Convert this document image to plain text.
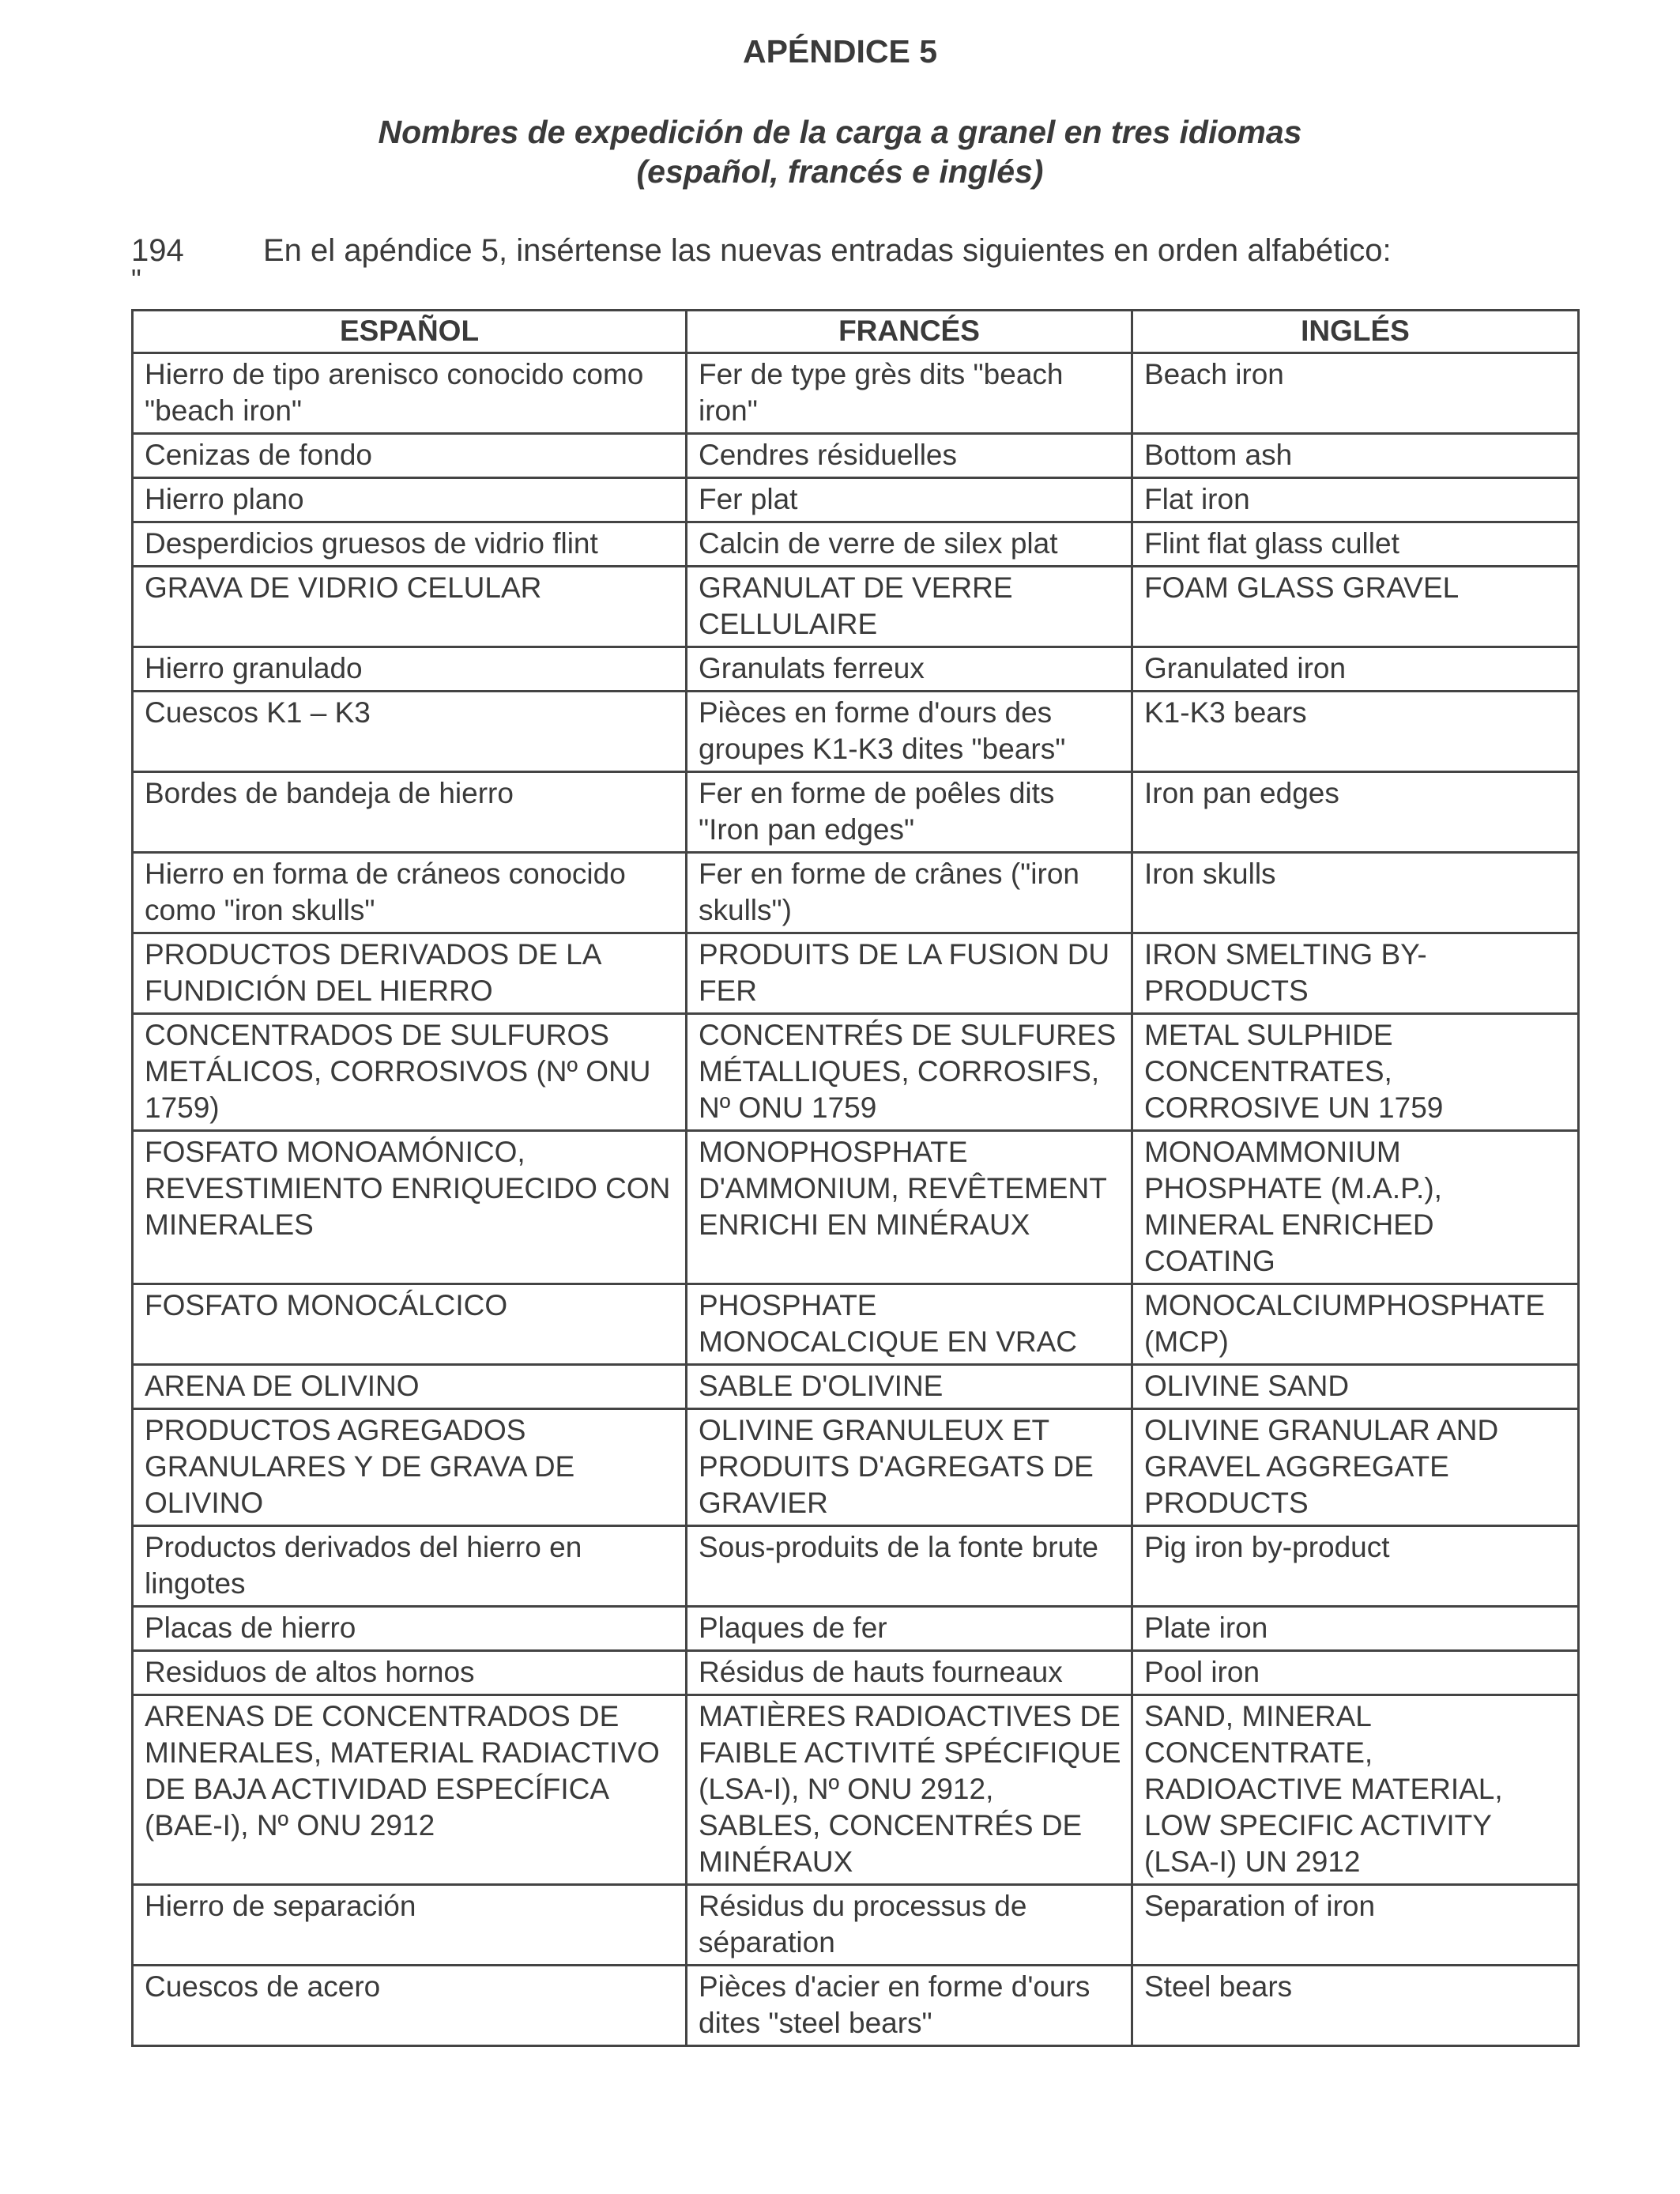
APÉNDICE 5
Nombres de expedición de la carga a granel en tres idiomas
(español, francés e inglés)
194	En el apéndice 5, insértense las nuevas entradas siguientes en orden alfabético:
"
ESPAÑOL	FRANCÉS	INGLÉS
Hierro de tipo arenisco conocido como "beach iron"	Fer de type grès dits "beach iron"	Beach iron
Cenizas de fondo	Cendres résiduelles	Bottom ash
Hierro plano	Fer plat	Flat iron
Desperdicios gruesos de vidrio flint	Calcin de verre de silex plat	Flint flat glass cullet
GRAVA DE VIDRIO CELULAR	GRANULAT DE VERRE CELLULAIRE	FOAM GLASS GRAVEL
Hierro granulado	Granulats ferreux	Granulated iron
Cuescos K1 – K3	Pièces en forme d'ours des groupes K1-K3 dites "bears"	K1-K3 bears
Bordes de bandeja de hierro	Fer en forme de poêles dits "Iron pan edges"	Iron pan edges
Hierro en forma de cráneos conocido como "iron skulls"	Fer en forme de crânes ("iron skulls")	Iron skulls
PRODUCTOS DERIVADOS DE LA FUNDICIÓN DEL HIERRO	PRODUITS DE LA FUSION DU FER	IRON SMELTING BY-PRODUCTS
CONCENTRADOS DE SULFUROS METÁLICOS, CORROSIVOS (Nº ONU 1759)	CONCENTRÉS DE SULFURES MÉTALLIQUES, CORROSIFS, Nº ONU 1759	METAL SULPHIDE CONCENTRATES, CORROSIVE UN 1759
FOSFATO MONOAMÓNICO, REVESTIMIENTO ENRIQUECIDO CON MINERALES	MONOPHOSPHATE D'AMMONIUM, REVÊTEMENT ENRICHI EN MINÉRAUX	MONOAMMONIUM PHOSPHATE (M.A.P.), MINERAL ENRICHED COATING
FOSFATO MONOCÁLCICO	PHOSPHATE MONOCALCIQUE EN VRAC	MONOCALCIUMPHOSPHATE (MCP)
ARENA DE OLIVINO	SABLE D'OLIVINE	OLIVINE SAND
PRODUCTOS AGREGADOS GRANULARES Y DE GRAVA DE OLIVINO	OLIVINE GRANULEUX ET PRODUITS D'AGREGATS DE GRAVIER	OLIVINE GRANULAR AND GRAVEL AGGREGATE PRODUCTS
Productos derivados del hierro en lingotes	Sous-produits de la fonte brute	Pig iron by-product
Placas de hierro	Plaques de fer	Plate iron
Residuos de altos hornos	Résidus de hauts fourneaux	Pool iron
ARENAS DE CONCENTRADOS DE MINERALES, MATERIAL RADIACTIVO DE BAJA ACTIVIDAD ESPECÍFICA (BAE-I), Nº ONU 2912	MATIÈRES RADIOACTIVES DE FAIBLE ACTIVITÉ SPÉCIFIQUE (LSA-I), Nº ONU 2912, SABLES, CONCENTRÉS DE MINÉRAUX	SAND, MINERAL CONCENTRATE, RADIOACTIVE MATERIAL, LOW SPECIFIC ACTIVITY (LSA-I) UN 2912
Hierro de separación	Résidus du processus de séparation	Separation of iron
Cuescos de acero	Pièces d'acier en forme d'ours dites "steel bears"	Steel bears
